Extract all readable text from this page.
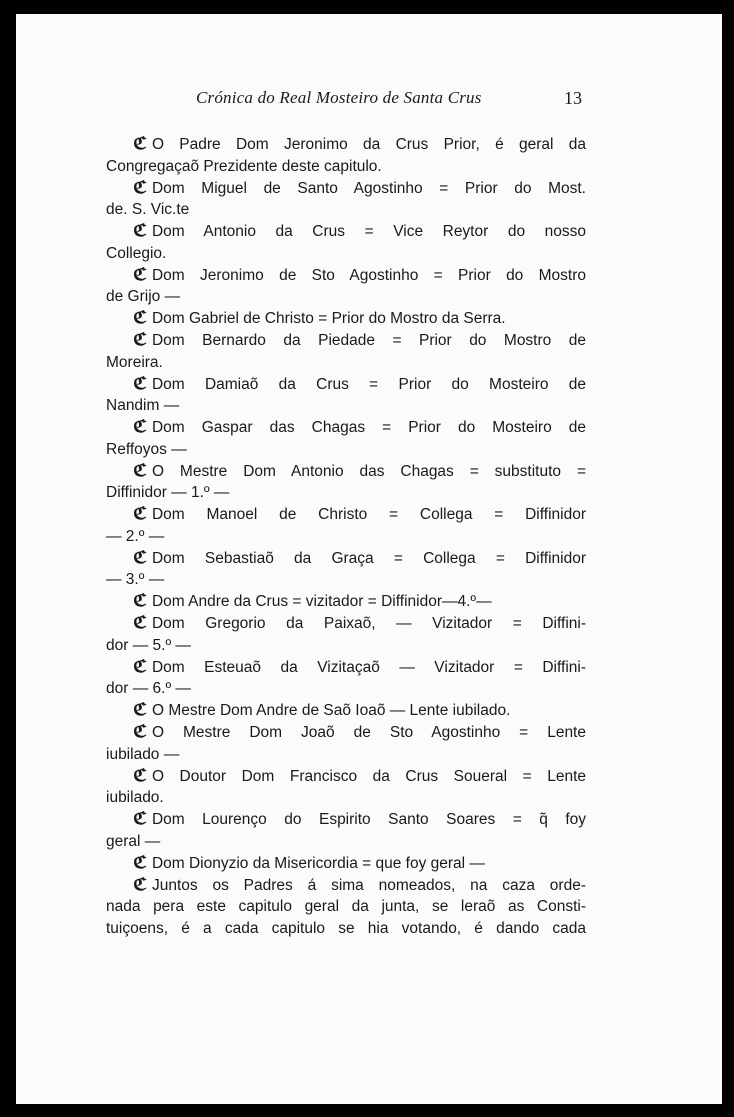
Crónica do Real Mosteiro de Santa Crus	13
ℭ O Padre Dom Jeronimo da Crus Prior, é geral da
Congregaçaõ Prezidente deste capitulo.
ℭ Dom Miguel de Santo Agostinho = Prior do Most.
de. S. Vic.te
ℭ Dom Antonio da Crus = Vice Reytor do nosso
Collegio.
ℭ Dom Jeronimo de Sto Agostinho = Prior do Mostro
de Grijo —
ℭ Dom Gabriel de Christo = Prior do Mostro da Serra.
ℭ Dom Bernardo da Piedade = Prior do Mostro de
Moreira.
ℭ Dom Damiaõ da Crus = Prior do Mosteiro de
Nandim —
ℭ Dom Gaspar das Chagas = Prior do Mosteiro de
Reffoyos —
ℭ O Mestre Dom Antonio das Chagas = substituto =
Diffinidor — 1.º —
ℭ Dom Manoel de Christo = Collega = Diffinidor
— 2.º —
ℭ Dom Sebastiaõ da Graça = Collega = Diffinidor
— 3.º —
ℭ Dom Andre da Crus = vizitador = Diffinidor—4.º—
ℭ Dom Gregorio da Paixaõ, — Vizitador = Diffini-
dor — 5.º —
ℭ Dom Esteuaõ da Vizitaçaõ — Vizitador = Diffini-
dor — 6.º —
ℭ O Mestre Dom Andre de Saõ Ioaõ — Lente iubilado.
ℭ O Mestre Dom Joaõ de Sto Agostinho = Lente
iubilado —
ℭ O Doutor Dom Francisco da Crus Soueral = Lente
iubilado.
ℭ Dom Lourenço do Espirito Santo Soares = q̃ foy
geral —
ℭ Dom Dionyzio da Misericordia = que foy geral —
ℭ Juntos os Padres á sima nomeados, na caza orde-
nada pera este capitulo geral da junta, se leraõ as Consti-
tuiçoens, é a cada capitulo se hia votando, é dando cada
